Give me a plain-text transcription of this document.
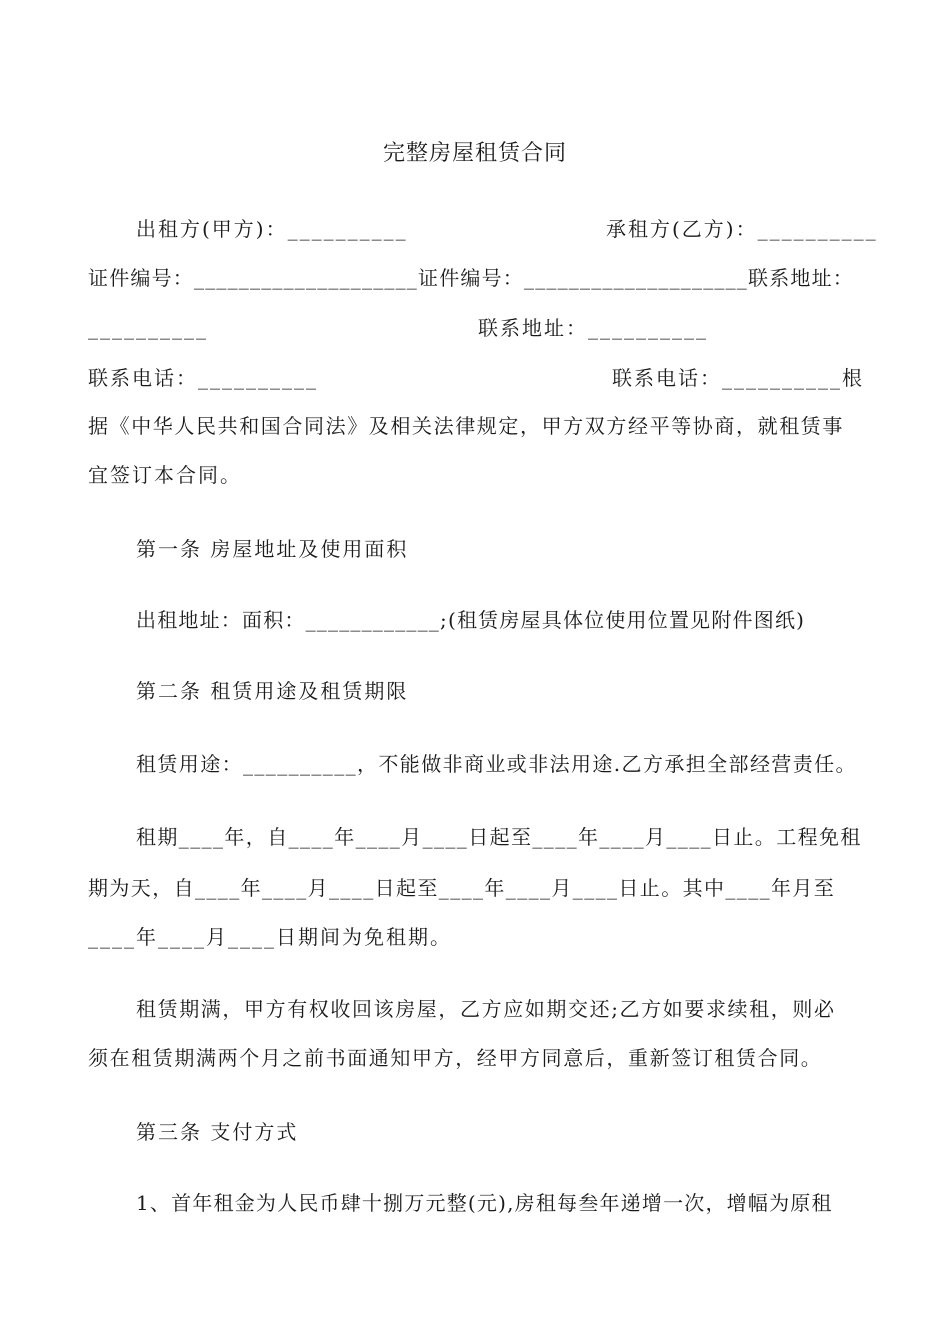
完整房屋租赁合同
出租方(甲方)：__________	承租方(乙方)：__________
证件编号：____________________证件编号：____________________联系地址：
__________	联系地址：__________
联系电话：__________	联系电话：__________根
据《中华人民共和国合同法》及相关法律规定，甲方双方经平等协商，就租赁事
宜签订本合同。
第一条 房屋地址及使用面积
出租地址：面积：____________;(租赁房屋具体位使用位置见附件图纸)
第二条 租赁用途及租赁期限
租赁用途：__________，不能做非商业或非法用途.乙方承担全部经营责任。
租期____年，自____年____月____日起至____年____月____日止。工程免租
期为天，自____年____月____日起至____年____月____日止。其中____年月至
____年____月____日期间为免租期。
租赁期满，甲方有权收回该房屋，乙方应如期交还;乙方如要求续租，则必
须在租赁期满两个月之前书面通知甲方，经甲方同意后，重新签订租赁合同。
第三条 支付方式
1、首年租金为人民币肆十捌万元整(元),房租每叁年递增一次，增幅为原租
